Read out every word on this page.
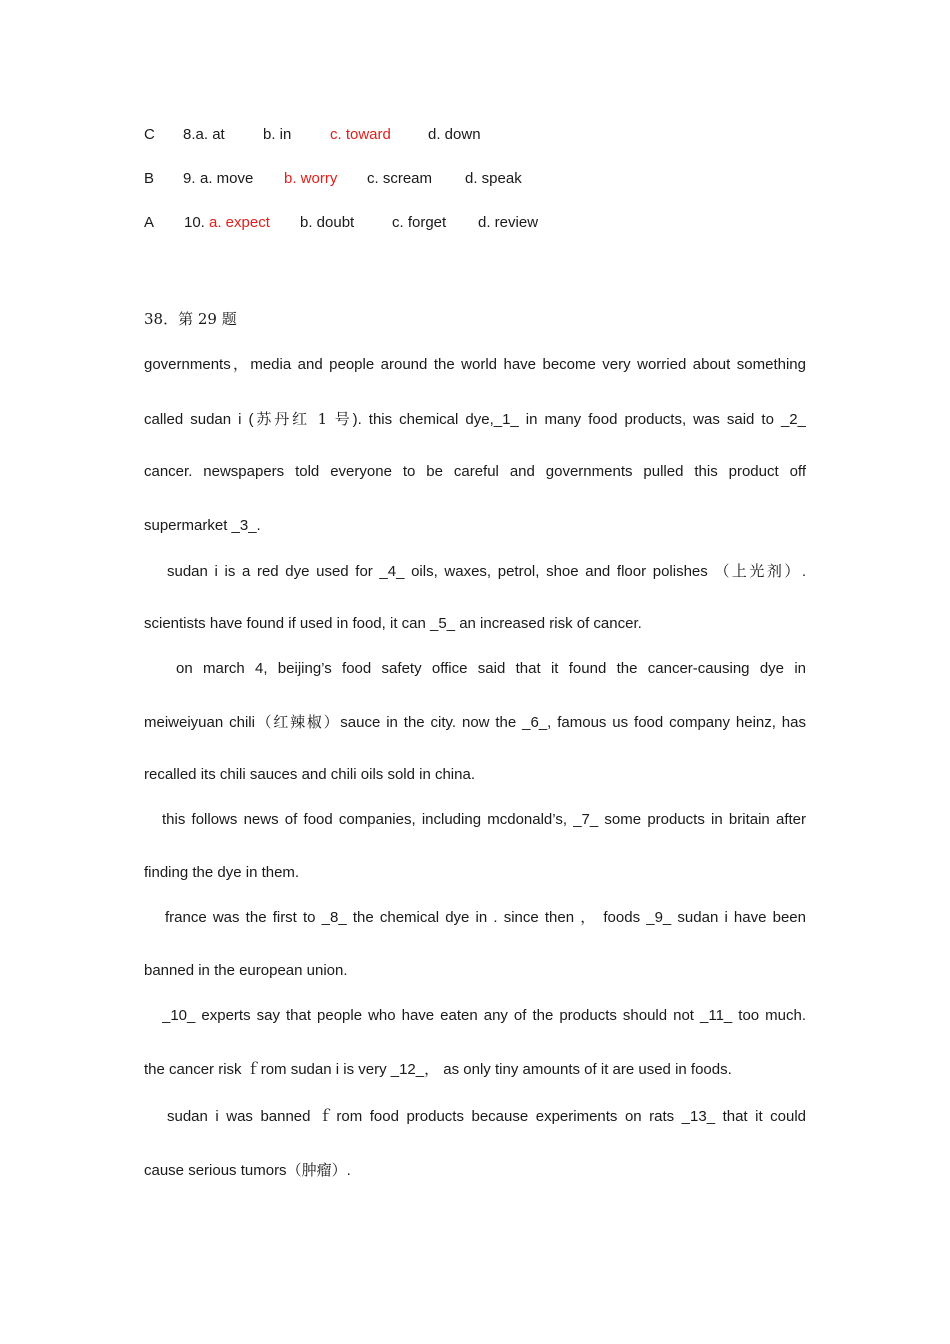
C 8.a. at	b. in	c. toward d. down
B 9. a. move b. worry c. scream d. speak
A 10. a. expect b. doubt	c. forget d. review
38．第 29 题
governments，media and people around the world have become very worried about something
called sudan i (苏丹红 1 号). this chemical dye,_1_ in many food products, was said to _2_
cancer. newspapers told everyone to be careful and governments pulled this product off
supermarket _3_.
sudan i is a red dye used for _4_ oils, waxes, petrol, shoe and floor polishes （上光剂）.
scientists have found if used in food, it can _5_ an increased risk of cancer.
on march 4, beijing’s food safety office said that it found the cancer-causing dye in
meiweiyuan chili（红辣椒）sauce in the city. now the _6_, famous us food company heinz, has
recalled its chili sauces and chili oils sold in china.
this follows news of food companies, including mcdonald’s, _7_ some products in britain after
finding the dye in them.
france was the first to _8_ the chemical dye in . since then ， foods _9_ sudan i have been
banned in the european union.
_10_ experts say that people who have eaten any of the products should not _11_ too much.
the cancer risk ｆrom sudan i is very _12_， as only tiny amounts of it are used in foods.
sudan i was banned ｆrom food products because experiments on rats _13_ that it could
cause serious tumors（肿瘤）.
